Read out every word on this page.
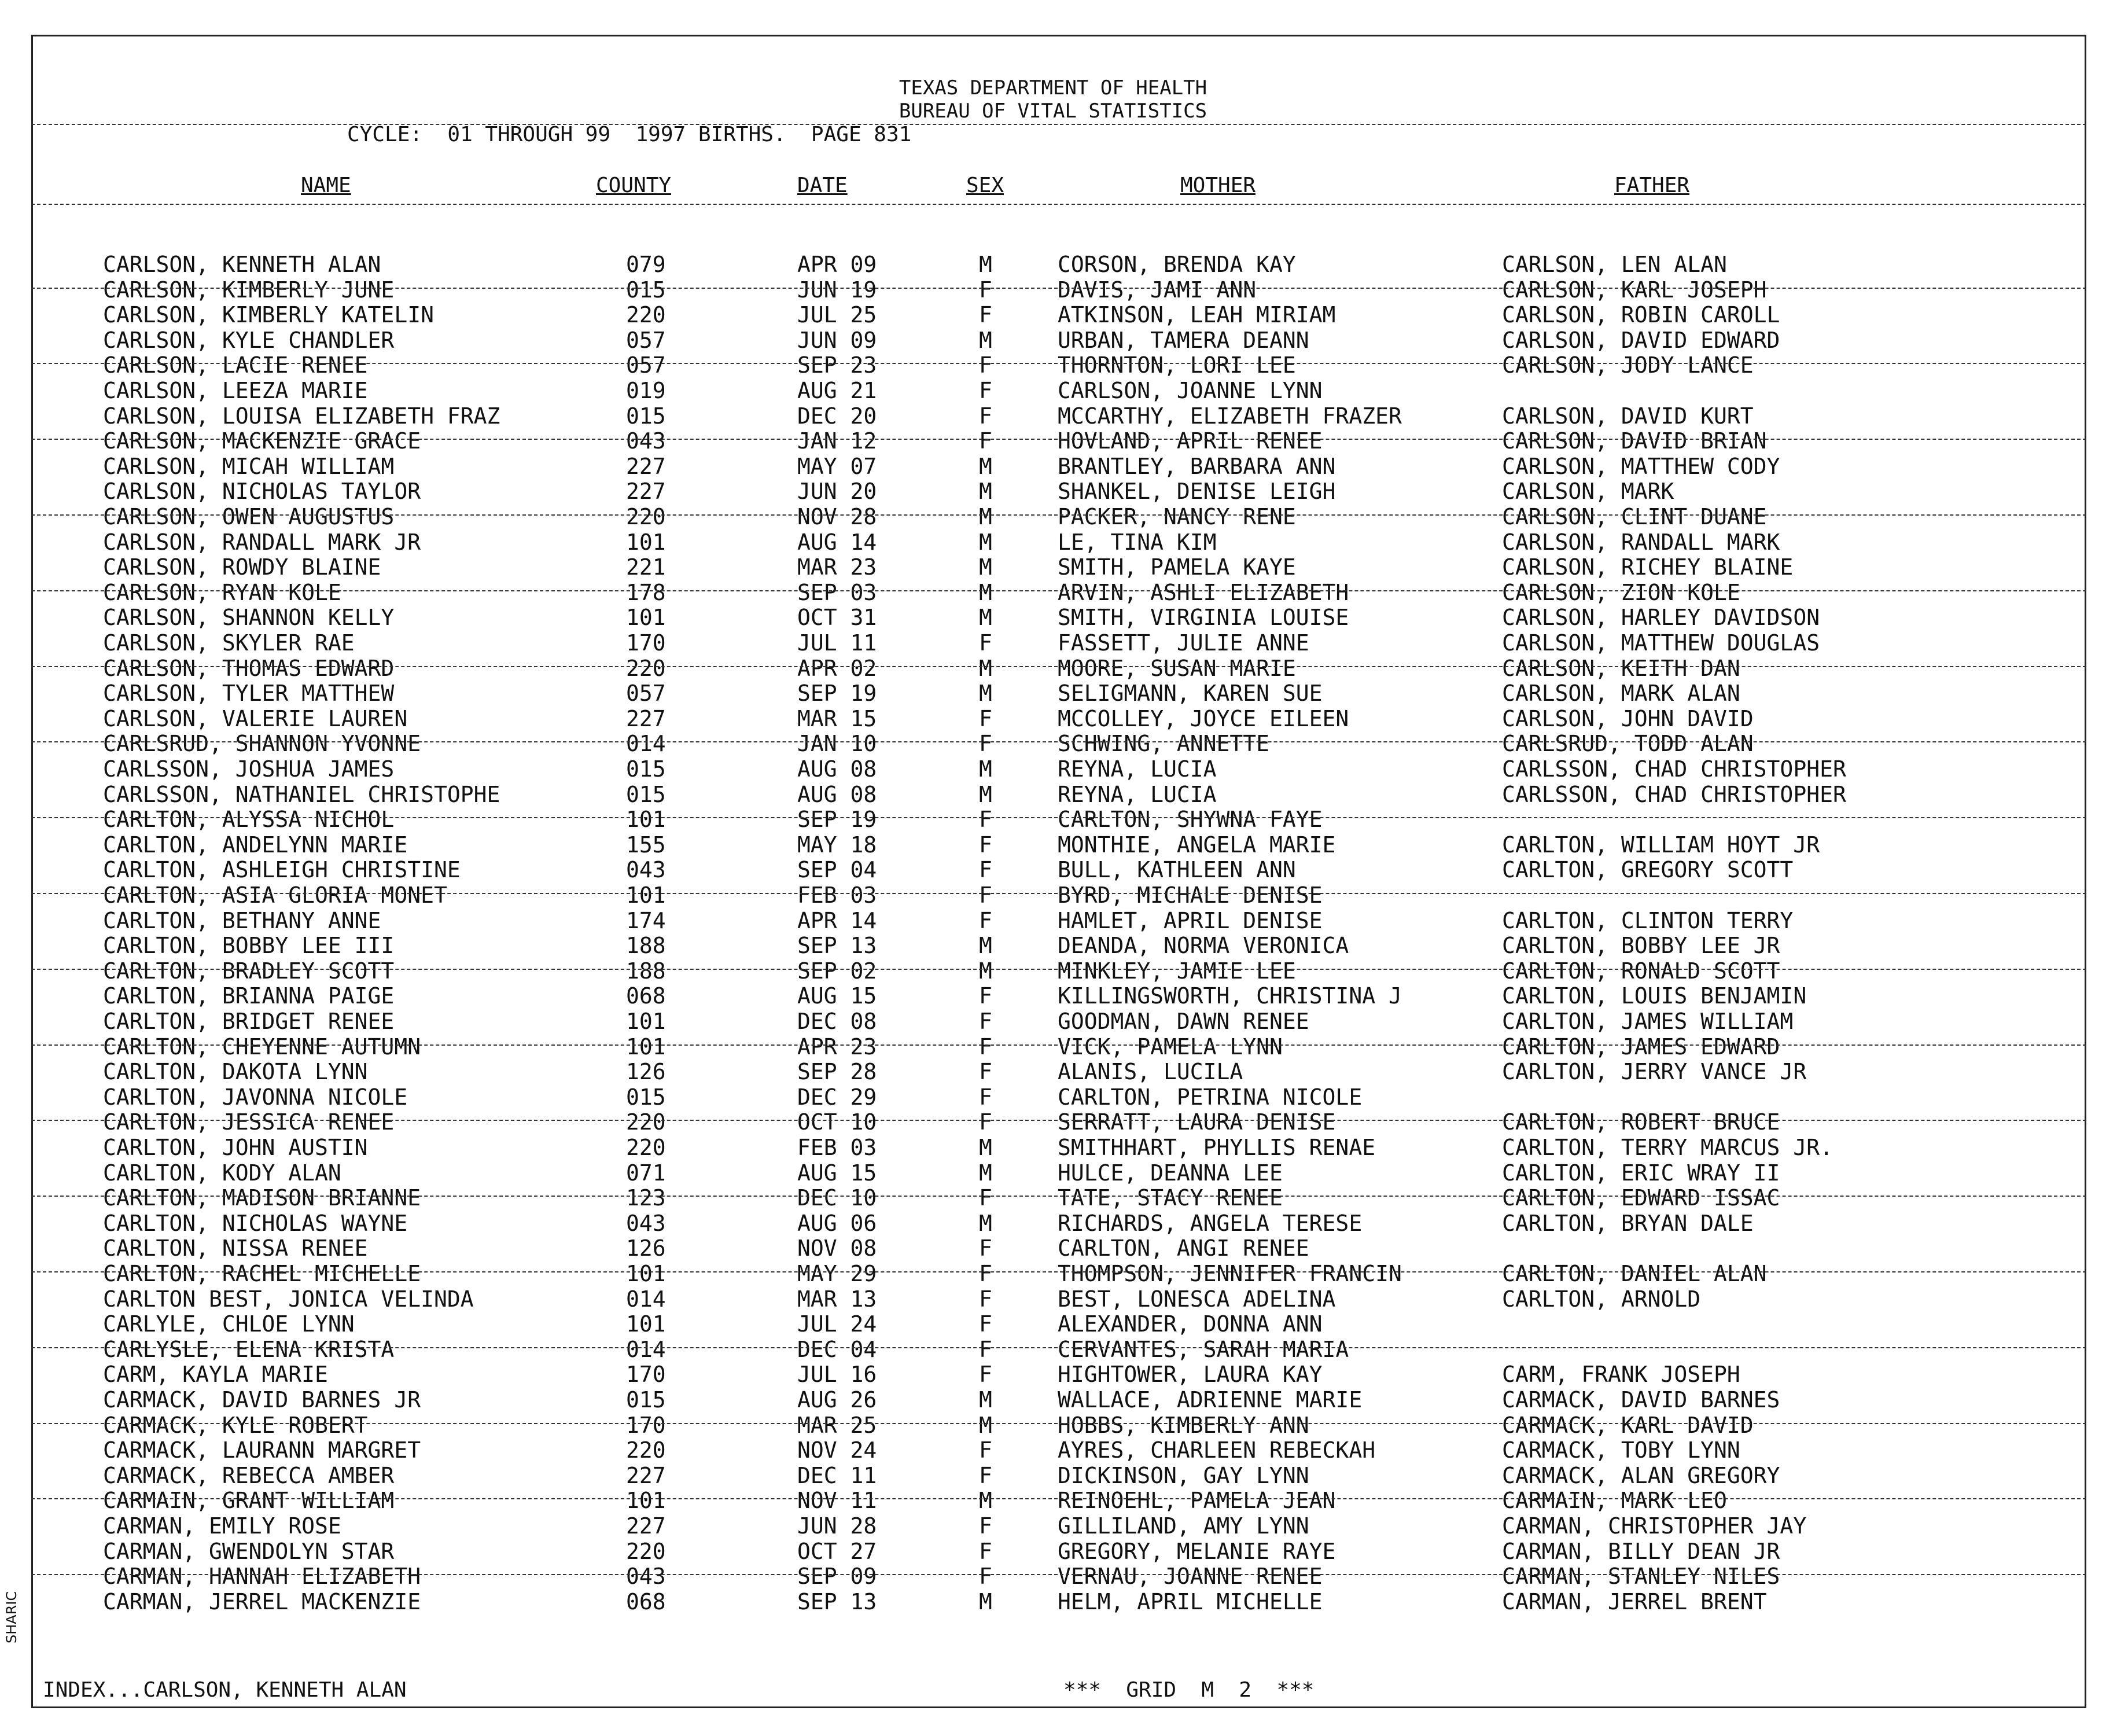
TEXAS DEPARTMENT OF HEALTH
BUREAU OF VITAL STATISTICS
CYCLE:  01 THROUGH 99  1997 BIRTHS.  PAGE 831
NAME	COUNTY	DATE	SEX	MOTHER	FATHER
CARLSON, KENNETH ALAN	079	APR 09	M	CORSON, BRENDA KAY	CARLSON, LEN ALAN
CARLSON, KIMBERLY JUNE	015	JUN 19	F	DAVIS, JAMI ANN	CARLSON, KARL JOSEPH
CARLSON, KIMBERLY KATELIN	220	JUL 25	F	ATKINSON, LEAH MIRIAM	CARLSON, ROBIN CAROLL
CARLSON, KYLE CHANDLER	057	JUN 09	M	URBAN, TAMERA DEANN	CARLSON, DAVID EDWARD
CARLSON, LACIE RENEE	057	SEP 23	F	THORNTON, LORI LEE	CARLSON, JODY LANCE
CARLSON, LEEZA MARIE	019	AUG 21	F	CARLSON, JOANNE LYNN
CARLSON, LOUISA ELIZABETH FRAZ	015	DEC 20	F	MCCARTHY, ELIZABETH FRAZER	CARLSON, DAVID KURT
CARLSON, MACKENZIE GRACE	043	JAN 12	F	HOVLAND, APRIL RENEE	CARLSON, DAVID BRIAN
CARLSON, MICAH WILLIAM	227	MAY 07	M	BRANTLEY, BARBARA ANN	CARLSON, MATTHEW CODY
CARLSON, NICHOLAS TAYLOR	227	JUN 20	M	SHANKEL, DENISE LEIGH	CARLSON, MARK
CARLSON, OWEN AUGUSTUS	220	NOV 28	M	PACKER, NANCY RENE	CARLSON, CLINT DUANE
CARLSON, RANDALL MARK JR	101	AUG 14	M	LE, TINA KIM	CARLSON, RANDALL MARK
CARLSON, ROWDY BLAINE	221	MAR 23	M	SMITH, PAMELA KAYE	CARLSON, RICHEY BLAINE
CARLSON, RYAN KOLE	178	SEP 03	M	ARVIN, ASHLI ELIZABETH	CARLSON, ZION KOLE
CARLSON, SHANNON KELLY	101	OCT 31	M	SMITH, VIRGINIA LOUISE	CARLSON, HARLEY DAVIDSON
CARLSON, SKYLER RAE	170	JUL 11	F	FASSETT, JULIE ANNE	CARLSON, MATTHEW DOUGLAS
CARLSON, THOMAS EDWARD	220	APR 02	M	MOORE, SUSAN MARIE	CARLSON, KEITH DAN
CARLSON, TYLER MATTHEW	057	SEP 19	M	SELIGMANN, KAREN SUE	CARLSON, MARK ALAN
CARLSON, VALERIE LAUREN	227	MAR 15	F	MCCOLLEY, JOYCE EILEEN	CARLSON, JOHN DAVID
CARLSRUD, SHANNON YVONNE	014	JAN 10	F	SCHWING, ANNETTE	CARLSRUD, TODD ALAN
CARLSSON, JOSHUA JAMES	015	AUG 08	M	REYNA, LUCIA	CARLSSON, CHAD CHRISTOPHER
CARLSSON, NATHANIEL CHRISTOPHE	015	AUG 08	M	REYNA, LUCIA	CARLSSON, CHAD CHRISTOPHER
CARLTON, ALYSSA NICHOL	101	SEP 19	F	CARLTON, SHYWNA FAYE
CARLTON, ANDELYNN MARIE	155	MAY 18	F	MONTHIE, ANGELA MARIE	CARLTON, WILLIAM HOYT JR
CARLTON, ASHLEIGH CHRISTINE	043	SEP 04	F	BULL, KATHLEEN ANN	CARLTON, GREGORY SCOTT
CARLTON, ASIA GLORIA MONET	101	FEB 03	F	BYRD, MICHALE DENISE
CARLTON, BETHANY ANNE	174	APR 14	F	HAMLET, APRIL DENISE	CARLTON, CLINTON TERRY
CARLTON, BOBBY LEE III	188	SEP 13	M	DEANDA, NORMA VERONICA	CARLTON, BOBBY LEE JR
CARLTON, BRADLEY SCOTT	188	SEP 02	M	MINKLEY, JAMIE LEE	CARLTON, RONALD SCOTT
CARLTON, BRIANNA PAIGE	068	AUG 15	F	KILLINGSWORTH, CHRISTINA J	CARLTON, LOUIS BENJAMIN
CARLTON, BRIDGET RENEE	101	DEC 08	F	GOODMAN, DAWN RENEE	CARLTON, JAMES WILLIAM
CARLTON, CHEYENNE AUTUMN	101	APR 23	F	VICK, PAMELA LYNN	CARLTON, JAMES EDWARD
CARLTON, DAKOTA LYNN	126	SEP 28	F	ALANIS, LUCILA	CARLTON, JERRY VANCE JR
CARLTON, JAVONNA NICOLE	015	DEC 29	F	CARLTON, PETRINA NICOLE
CARLTON, JESSICA RENEE	220	OCT 10	F	SERRATT, LAURA DENISE	CARLTON, ROBERT BRUCE
CARLTON, JOHN AUSTIN	220	FEB 03	M	SMITHHART, PHYLLIS RENAE	CARLTON, TERRY MARCUS JR.
CARLTON, KODY ALAN	071	AUG 15	M	HULCE, DEANNA LEE	CARLTON, ERIC WRAY II
CARLTON, MADISON BRIANNE	123	DEC 10	F	TATE, STACY RENEE	CARLTON, EDWARD ISSAC
CARLTON, NICHOLAS WAYNE	043	AUG 06	M	RICHARDS, ANGELA TERESE	CARLTON, BRYAN DALE
CARLTON, NISSA RENEE	126	NOV 08	F	CARLTON, ANGI RENEE
CARLTON, RACHEL MICHELLE	101	MAY 29	F	THOMPSON, JENNIFER FRANCIN	CARLTON, DANIEL ALAN
CARLTON BEST, JONICA VELINDA	014	MAR 13	F	BEST, LONESCA ADELINA	CARLTON, ARNOLD
CARLYLE, CHLOE LYNN	101	JUL 24	F	ALEXANDER, DONNA ANN
CARLYSLE, ELENA KRISTA	014	DEC 04	F	CERVANTES, SARAH MARIA
CARM, KAYLA MARIE	170	JUL 16	F	HIGHTOWER, LAURA KAY	CARM, FRANK JOSEPH
CARMACK, DAVID BARNES JR	015	AUG 26	M	WALLACE, ADRIENNE MARIE	CARMACK, DAVID BARNES
CARMACK, KYLE ROBERT	170	MAR 25	M	HOBBS, KIMBERLY ANN	CARMACK, KARL DAVID
CARMACK, LAURANN MARGRET	220	NOV 24	F	AYRES, CHARLEEN REBECKAH	CARMACK, TOBY LYNN
CARMACK, REBECCA AMBER	227	DEC 11	F	DICKINSON, GAY LYNN	CARMACK, ALAN GREGORY
CARMAIN, GRANT WILLIAM	101	NOV 11	M	REINOEHL, PAMELA JEAN	CARMAIN, MARK LEO
CARMAN, EMILY ROSE	227	JUN 28	F	GILLILAND, AMY LYNN	CARMAN, CHRISTOPHER JAY
CARMAN, GWENDOLYN STAR	220	OCT 27	F	GREGORY, MELANIE RAYE	CARMAN, BILLY DEAN JR
CARMAN, HANNAH ELIZABETH	043	SEP 09	F	VERNAU, JOANNE RENEE	CARMAN, STANLEY NILES
CARMAN, JERREL MACKENZIE	068	SEP 13	M	HELM, APRIL MICHELLE	CARMAN, JERREL BRENT
INDEX...CARLSON, KENNETH ALAN	***  GRID  M  2  ***
SHARIC
